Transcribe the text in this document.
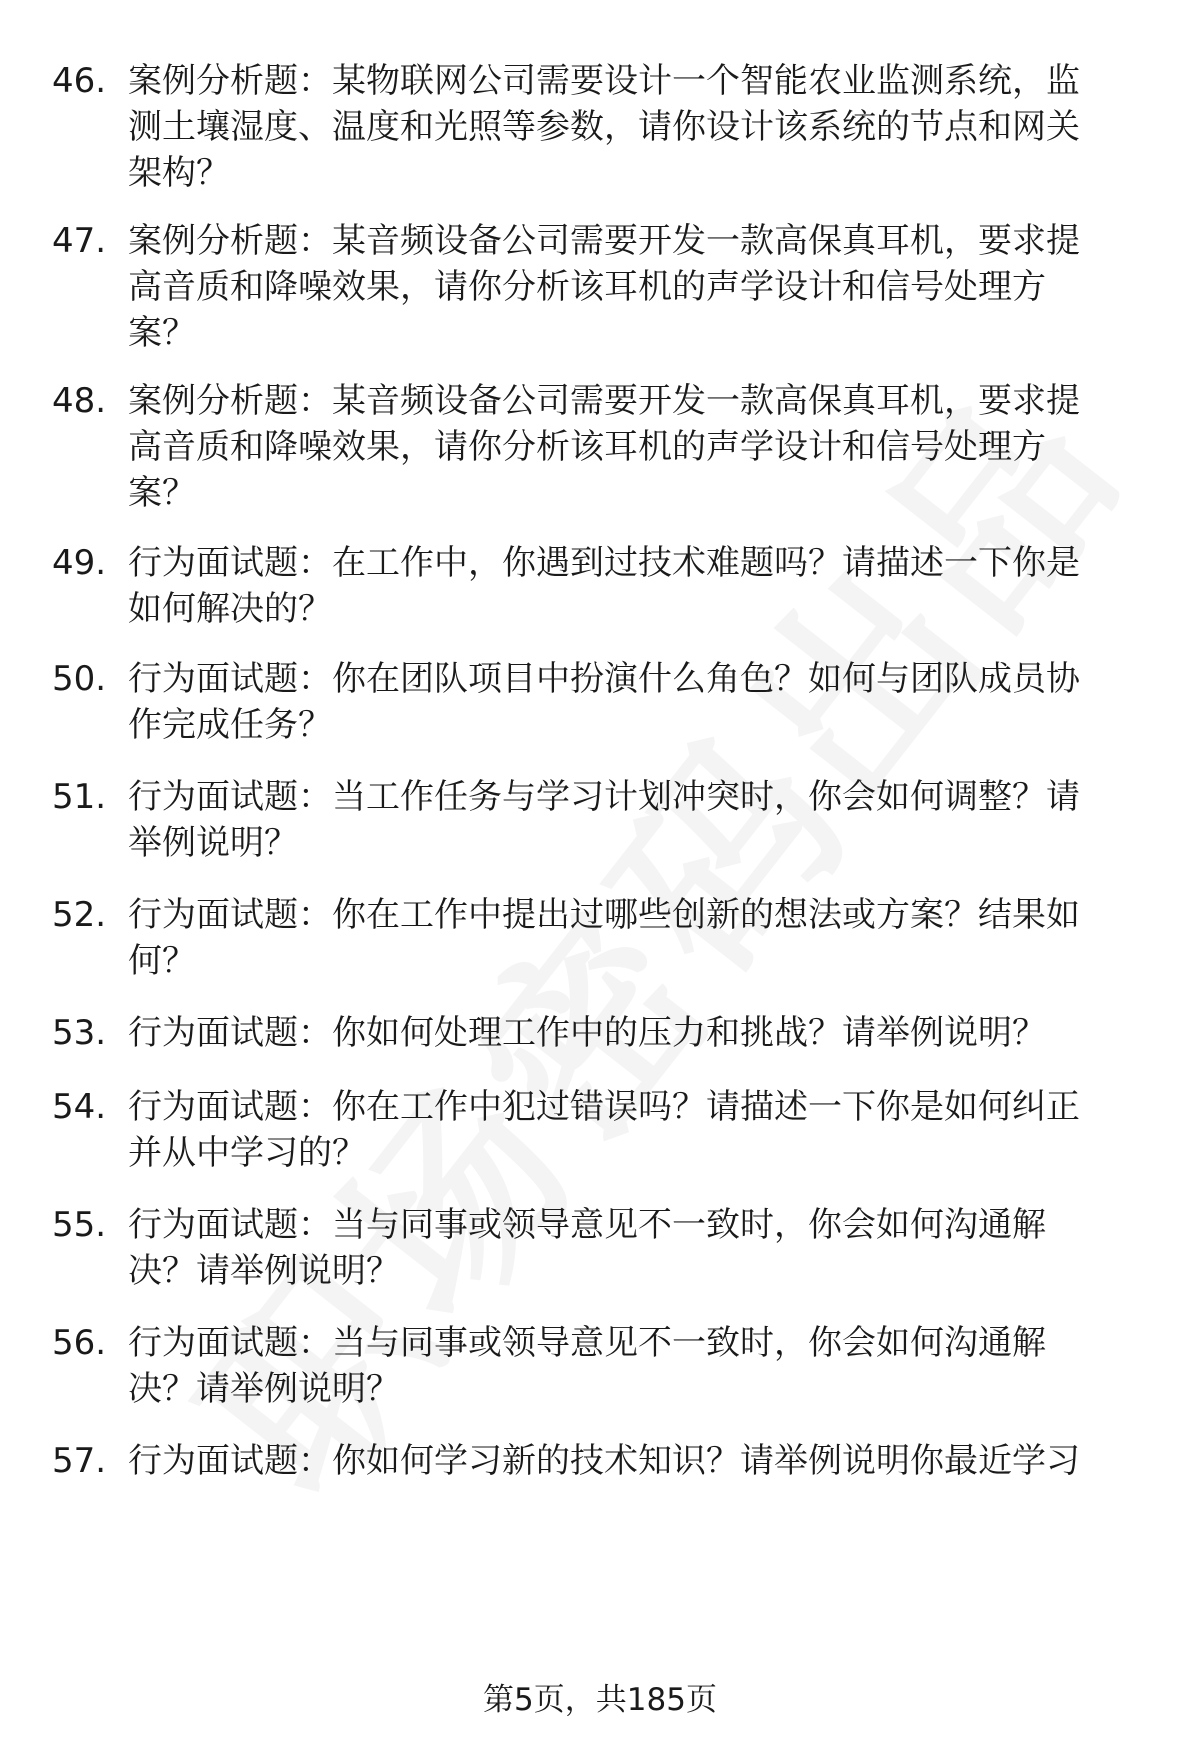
46. 案例分析题：某物联网公司需要设计一个智能农业监测系统，监
测土壤湿度、温度和光照等参数，请你设计该系统的节点和网关
架构？
47. 案例分析题：某音频设备公司需要开发一款高保真耳机，要求提
高音质和降噪效果，请你分析该耳机的声学设计和信号处理方
案？
48. 案例分析题：某音频设备公司需要开发一款高保真耳机，要求提
高音质和降噪效果，请你分析该耳机的声学设计和信号处理方
案？
49. 行为面试题：在工作中，你遇到过技术难题吗？请描述一下你是
如何解决的？
50. 行为面试题：你在团队项目中扮演什么角色？如何与团队成员协
作完成任务？
51. 行为面试题：当工作任务与学习计划冲突时，你会如何调整？请
举例说明？
52. 行为面试题：你在工作中提出过哪些创新的想法或方案？结果如
何？
53. 行为面试题：你如何处理工作中的压力和挑战？请举例说明？
54. 行为面试题：你在工作中犯过错误吗？请描述一下你是如何纠正
并从中学习的？
55. 行为面试题：当与同事或领导意见不一致时，你会如何沟通解
决？请举例说明？
56. 行为面试题：当与同事或领导意见不一致时，你会如何沟通解
决？请举例说明？
57. 行为面试题：你如何学习新的技术知识？请举例说明你最近学习
第5页，共185页
